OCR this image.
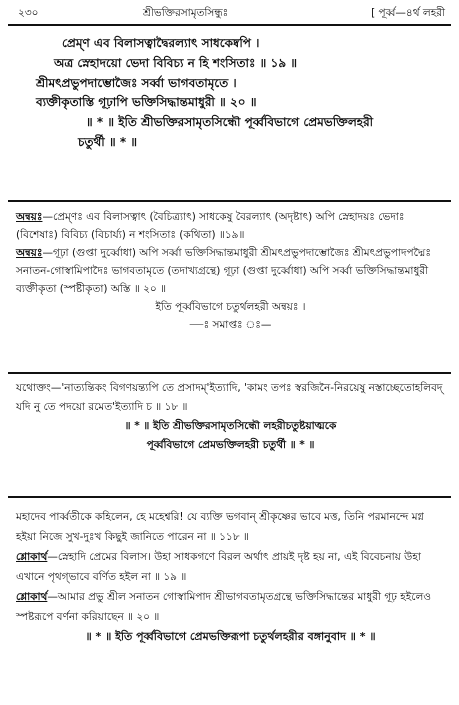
২৩০	শ্রীভক্তিরসামৃতসিন্ধুঃ	[ পূর্ব্ব—৪র্থ লহরী
প্রেম্ণ এব বিলাসত্বাদ্বৈরল্যাৎ সাধকেষ্বপি ।
অত্র স্নেহাদয়ো ভেদা বিবিচ্য ন হি শংসিতাঃ ॥ ১৯ ॥
শ্রীমৎপ্রভুপদাম্ভোজৈঃ সর্ব্বা ভাগবতামৃতে ।
ব্যক্তীকৃতাস্তি গূঢ়াপি ভক্তিসিদ্ধান্তমাধুরী ॥ ২০ ॥
॥ * ॥ ইতি শ্রীভক্তিরসামৃতসিন্ধৌ পূর্ব্ববিভাগে প্রেমভক্তিলহরী
চতুর্থী ॥ * ॥

অন্বয়ঃ—প্রেম্ণঃ এব বিলাসত্বাৎ (বৈচিত্র্যাৎ) সাধকেষু বৈরল্যাৎ (অদৃষ্টাৎ) অপি স্নেহাদয়ঃ ভেদাঃ (বিশেষাঃ) বিবিচ্য (বিচার্য্য) ন শংসিতাঃ (কথিতা) ॥১৯॥

অন্বয়ঃ—গূঢ়া (গুপ্তা দুর্ব্বোধা) অপি সর্ব্বা ভক্তিসিদ্ধান্তমাধুরী শ্রীমৎপ্রভুপদাম্ভোজৈঃ শ্রীমৎপ্রভুপাদপদ্মৈঃ সনাতন-গোস্বামিপাদৈঃ ভাগবতামৃতে (তদাখ্যগ্রন্থে) গূঢ়া (গুপ্তা দুর্ব্বোধা) অপি সর্ব্বা ভক্তিসিদ্ধান্তমাধুরী ব্যক্তীকৃতা (স্পষ্টীকৃতা) অস্তি ॥ ২০ ॥

ইতি পূর্ব্ববিভাগে চতুর্থলহরী অন্বয়ঃ ।

—ঃ সমাপ্তঃ ঃ—

যথোক্তং—'নাত্যন্তিকং বিগণয়ন্ত্যপি তে প্রসাদম্'ইত্যাদি, 'কামং তপঃ স্বরজিনৈ-নিরয়েষু নস্তাচ্ছেতোহলিবদ্ যদি নু তে পদয়ো রমেত'ইত্যাদি চ ॥ ১৮ ॥

॥ * ॥ ইতি শ্রীভক্তিরসামৃতসিন্ধৌ লহরীচতুষ্টয়াত্মকে

পূর্ব্ববিভাগে প্রেমভক্তিলহরী চতুর্থী ॥ * ॥

মহাদেব পার্ব্বতীকে কহিলেন, হে মহেশ্বরি! যে ব্যক্তি ভগবান্ শ্রীকৃষ্ণের ভাবে মত্ত, তিনি পরমানন্দে মগ্ন হইয়া নিজে সুখ-দুঃখ কিছুই জানিতে পারেন না ॥ ১১৮ ॥

শ্লোকার্থ—স্নেহাদি প্রেমের বিলাস। উহা সাধকগণে বিরল অর্থাৎ প্রায়ই দৃষ্ট হয় না, এই বিবেচনায় উহা এখানে পৃথগ্ভাবে বর্ণিত হইল না ॥ ১৯ ॥

শ্লোকার্থ—আমার প্রভু শ্রীল সনাতন গোস্বামিপাদ শ্রীভাগবতামৃতগ্রন্থে ভক্তিসিদ্ধান্তের মাধুরী গূঢ় হইলেও স্পষ্টরূপে বর্ণনা করিয়াছেন ॥ ২০ ॥

॥ * ॥ ইতি পূর্ব্ববিভাগে প্রেমভক্তিরূপা চতুর্থলহরীর বঙ্গানুবাদ ॥ * ॥
